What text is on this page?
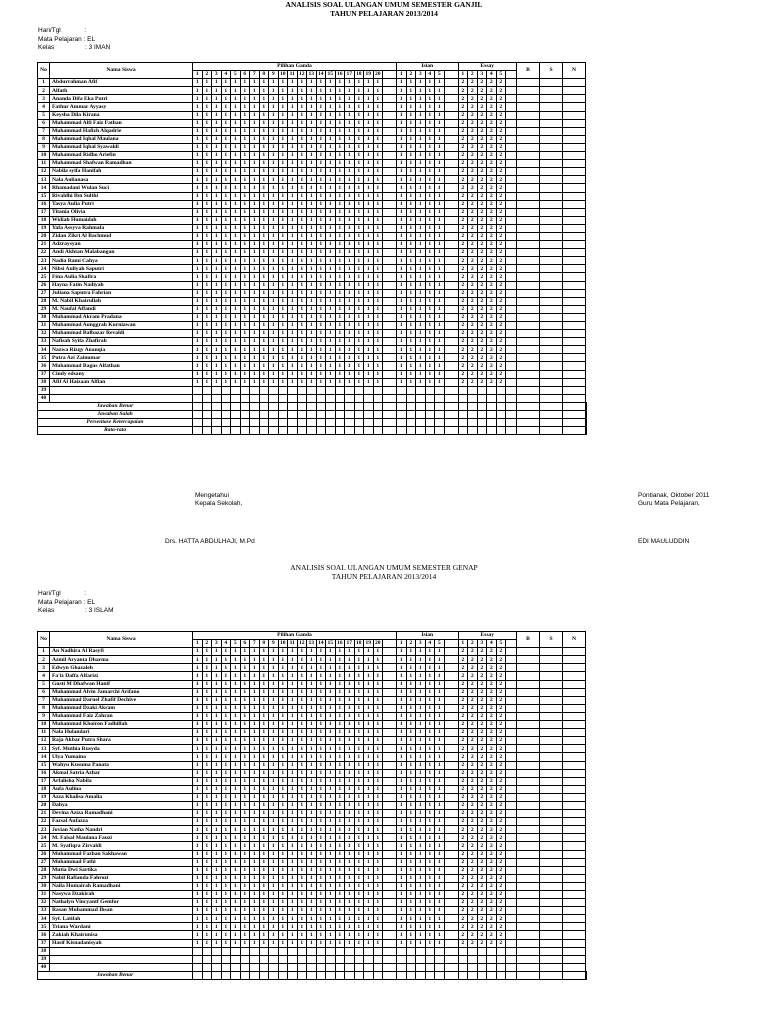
ANALISIS SOAL ULANGAN UMUM SEMESTER GANJIL
TAHUN PELAJARAN 2013/2014
Hari/Tgl             :
Mata Pelajaran : EL
Kelas                 : 3 IMAN
No	Nama Siswa	Pilihan Ganda																					Isian						Essay						B	S	N	
		1	2	3	4	5	6	7	8	9	10	11	12	13	14	15	16	17	18	19	20		1	2	3	4	5		1	2	3	4	5					
1	Abdurrahman Afif	1	1	1	1	1	1	1	1	1	1	1	1	1	1	1	1	1	1	1	1		1	1	1	1	1		2	2	2	2	2					
2	Alfath	1	1	1	1	1	1	1	1	1	1	1	1	1	1	1	1	1	1	1	1		1	1	1	1	1		2	2	2	2	2					
3	Ananda Difa Eka Putri	1	1	1	1	1	1	1	1	1	1	1	1	1	1	1	1	1	1	1	1		1	1	1	1	1		2	2	2	2	2					
4	Fathur Ammar Ayyasy	1	1	1	1	1	1	1	1	1	1	1	1	1	1	1	1	1	1	1	1		1	1	1	1	1		2	2	2	2	2					
5	Keysha Dila Kirana	1	1	1	1	1	1	1	1	1	1	1	1	1	1	1	1	1	1	1	1		1	1	1	1	1		2	2	2	2	2					
6	Muhammad Alfi Faiz Fathan	1	1	1	1	1	1	1	1	1	1	1	1	1	1	1	1	1	1	1	1		1	1	1	1	1		2	2	2	2	2					
7	Muhammad Hafizh Alqadrie	1	1	1	1	1	1	1	1	1	1	1	1	1	1	1	1	1	1	1	1		1	1	1	1	1		2	2	2	2	2					
8	Muhammad Iqbal Maulana	1	1	1	1	1	1	1	1	1	1	1	1	1	1	1	1	1	1	1	1		1	1	1	1	1		2	2	2	2	2					
9	Muhammad Iqbal Syawaldi	1	1	1	1	1	1	1	1	1	1	1	1	1	1	1	1	1	1	1	1		1	1	1	1	1		2	2	2	2	2					
10	Muhammad Ridho Ariefin	1	1	1	1	1	1	1	1	1	1	1	1	1	1	1	1	1	1	1	1		1	1	1	1	1		2	2	2	2	2					
11	Muhammad Shafwan Ramadhan	1	1	1	1	1	1	1	1	1	1	1	1	1	1	1	1	1	1	1	1		1	1	1	1	1		2	2	2	2	2					
12	Nabila syifa Hanifah	1	1	1	1	1	1	1	1	1	1	1	1	1	1	1	1	1	1	1	1		1	1	1	1	1		2	2	2	2	2					
13	Nala Aulianasa	1	1	1	1	1	1	1	1	1	1	1	1	1	1	1	1	1	1	1	1		1	1	1	1	1		2	2	2	2	2					
14	Rhamadani Wulan Suci	1	1	1	1	1	1	1	1	1	1	1	1	1	1	1	1	1	1	1	1		1	1	1	1	1		2	2	2	2	2					
15	Rivaldhi Ibn Sulthi	1	1	1	1	1	1	1	1	1	1	1	1	1	1	1	1	1	1	1	1		1	1	1	1	1		2	2	2	2	2					
16	Tasya Aulia Putri	1	1	1	1	1	1	1	1	1	1	1	1	1	1	1	1	1	1	1	1		1	1	1	1	1		2	2	2	2	2					
17	Titania Olivia	1	1	1	1	1	1	1	1	1	1	1	1	1	1	1	1	1	1	1	1		1	1	1	1	1		2	2	2	2	2					
18	Widiah Humaidah	1	1	1	1	1	1	1	1	1	1	1	1	1	1	1	1	1	1	1	1		1	1	1	1	1		2	2	2	2	2					
19	Yafa Assyva Rahmafa	1	1	1	1	1	1	1	1	1	1	1	1	1	1	1	1	1	1	1	1		1	1	1	1	1		2	2	2	2	2					
20	Zidan Zikri Al Bachmud	1	1	1	1	1	1	1	1	1	1	1	1	1	1	1	1	1	1	1	1		1	1	1	1	1		2	2	2	2	2					
21	Adzraysyan	1	1	1	1	1	1	1	1	1	1	1	1	1	1	1	1	1	1	1	1		1	1	1	1	1		2	2	2	2	2					
22	Andi Akhtan Malabangan	1	1	1	1	1	1	1	1	1	1	1	1	1	1	1	1	1	1	1	1		1	1	1	1	1		2	2	2	2	2					
23	Nadia Rami Cahya	1	1	1	1	1	1	1	1	1	1	1	1	1	1	1	1	1	1	1	1		1	1	1	1	1		2	2	2	2	2					
24	Nibsi Auliyah Saputri	1	1	1	1	1	1	1	1	1	1	1	1	1	1	1	1	1	1	1	1		1	1	1	1	1		2	2	2	2	2					
25	Fina Aulia Shafira	1	1	1	1	1	1	1	1	1	1	1	1	1	1	1	1	1	1	1	1		1	1	1	1	1		2	2	2	2	2					
26	Hayna Fatin Nadiyah	1	1	1	1	1	1	1	1	1	1	1	1	1	1	1	1	1	1	1	1		1	1	1	1	1		2	2	2	2	2					
27	Juliana Saputra Fahrian	1	1	1	1	1	1	1	1	1	1	1	1	1	1	1	1	1	1	1	1		1	1	1	1	1		2	2	2	2	2					
28	M. Nabil Khairullah	1	1	1	1	1	1	1	1	1	1	1	1	1	1	1	1	1	1	1	1		1	1	1	1	1		2	2	2	2	2					
29	M. Naufal Affandi	1	1	1	1	1	1	1	1	1	1	1	1	1	1	1	1	1	1	1	1		1	1	1	1	1		2	2	2	2	2					
30	Muhammad Akram Pradana	1	1	1	1	1	1	1	1	1	1	1	1	1	1	1	1	1	1	1	1		1	1	1	1	1		2	2	2	2	2					
31	Muhammad Aunggrah Kurniawan	1	1	1	1	1	1	1	1	1	1	1	1	1	1	1	1	1	1	1	1		1	1	1	1	1		2	2	2	2	2					
32	Muhammad Balbazar Revaldi	1	1	1	1	1	1	1	1	1	1	1	1	1	1	1	1	1	1	1	1		1	1	1	1	1		2	2	2	2	2					
33	Nafisah Syifa Zhafirah	1	1	1	1	1	1	1	1	1	1	1	1	1	1	1	1	1	1	1	1		1	1	1	1	1		2	2	2	2	2					
34	Nazwa Rizqy Ananqia	1	1	1	1	1	1	1	1	1	1	1	1	1	1	1	1	1	1	1	1		1	1	1	1	1		2	2	2	2	2					
35	Putra Azi Zainumar	1	1	1	1	1	1	1	1	1	1	1	1	1	1	1	1	1	1	1	1		1	1	1	1	1		2	2	2	2	2					
36	Muhammad Bagus Alfathan	1	1	1	1	1	1	1	1	1	1	1	1	1	1	1	1	1	1	1	1		1	1	1	1	1		2	2	2	2	2					
37	Cindy edsany	1	1	1	1	1	1	1	1	1	1	1	1	1	1	1	1	1	1	1	1		1	1	1	1	1		2	2	2	2	2					
38	Afif Al Haizaan Alfian	1	1	1	1	1	1	1	1	1	1	1	1	1	1	1	1	1	1	1	1		1	1	1	1	1		2	2	2	2	2					
39																																						
40																																						
Jawaban Benar																																						
Jawaban Salah																																						
Persentase Ketercapaian																																						
Rata-rata																																						
Mengetahui
Kepala Sekolah,
Pontianak, Oktober 2011
Guru Mata Pelajaran,
Drs. HATTA ABDULHAJI, M.Pd	EDI MAULUDDIN
ANALISIS SOAL ULANGAN UMUM SEMESTER GENAP
TAHUN PELAJARAN 2013/2014
Hari/Tgl             :
Mata Pelajaran : EL
Kelas                 : 3 ISLAM
No	Nama Siswa	Pilihan Ganda																					Isian						Essay						B	S	N	
		1	2	3	4	5	6	7	8	9	10	11	12	13	14	15	16	17	18	19	20		1	2	3	4	5		1	2	3	4	5					
1	An Nadhira Al Rasyfi	1	1	1	1	1	1	1	1	1	1	1	1	1	1	1	1	1	1	1	1		1	1	1	1	1		2	2	2	2	2					
2	Azmil Aryanta Dharma	1	1	1	1	1	1	1	1	1	1	1	1	1	1	1	1	1	1	1	1		1	1	1	1	1		2	2	2	2	2					
3	Edwyn Ghazaleh	1	1	1	1	1	1	1	1	1	1	1	1	1	1	1	1	1	1	1	1		1	1	1	1	1		2	2	2	2	2					
4	Fa'iz Daffa Alfarizi	1	1	1	1	1	1	1	1	1	1	1	1	1	1	1	1	1	1	1	1		1	1	1	1	1		2	2	2	2	2					
5	Gusti M Dhafwan Hanif	1	1	1	1	1	1	1	1	1	1	1	1	1	1	1	1	1	1	1	1		1	1	1	1	1		2	2	2	2	2					
6	Muhammad Alvin Jamarchi Arifano	1	1	1	1	1	1	1	1	1	1	1	1	1	1	1	1	1	1	1	1		1	1	1	1	1		2	2	2	2	2					
7	Muhammad Daruel Zhafif Dechive	1	1	1	1	1	1	1	1	1	1	1	1	1	1	1	1	1	1	1	1		1	1	1	1	1		2	2	2	2	2					
8	Muhammad Dzaki Akram	1	1	1	1	1	1	1	1	1	1	1	1	1	1	1	1	1	1	1	1		1	1	1	1	1		2	2	2	2	2					
9	Muhammad Faiz Zahran	1	1	1	1	1	1	1	1	1	1	1	1	1	1	1	1	1	1	1	1		1	1	1	1	1		2	2	2	2	2					
10	Muhammad Khoiron Fadhillah	1	1	1	1	1	1	1	1	1	1	1	1	1	1	1	1	1	1	1	1		1	1	1	1	1		2	2	2	2	2					
11	Nala Hulandari	1	1	1	1	1	1	1	1	1	1	1	1	1	1	1	1	1	1	1	1		1	1	1	1	1		2	2	2	2	2					
12	Raja Akbar Putra Shara	1	1	1	1	1	1	1	1	1	1	1	1	1	1	1	1	1	1	1	1		1	1	1	1	1		2	2	2	2	2					
13	Syf. Muthia Rusyda	1	1	1	1	1	1	1	1	1	1	1	1	1	1	1	1	1	1	1	1		1	1	1	1	1		2	2	2	2	2					
14	Ulya Yumaina	1	1	1	1	1	1	1	1	1	1	1	1	1	1	1	1	1	1	1	1		1	1	1	1	1		2	2	2	2	2					
15	Wahyu Kusuma Panata	1	1	1	1	1	1	1	1	1	1	1	1	1	1	1	1	1	1	1	1		1	1	1	1	1		2	2	2	2	2					
16	Akmal Satria Azhar	1	1	1	1	1	1	1	1	1	1	1	1	1	1	1	1	1	1	1	1		1	1	1	1	1		2	2	2	2	2					
17	Arfalisha Nabila	1	1	1	1	1	1	1	1	1	1	1	1	1	1	1	1	1	1	1	1		1	1	1	1	1		2	2	2	2	2					
18	Aufa Aulina	1	1	1	1	1	1	1	1	1	1	1	1	1	1	1	1	1	1	1	1		1	1	1	1	1		2	2	2	2	2					
19	Azza Khalisa Amalia	1	1	1	1	1	1	1	1	1	1	1	1	1	1	1	1	1	1	1	1		1	1	1	1	1		2	2	2	2	2					
20	Dahya	1	1	1	1	1	1	1	1	1	1	1	1	1	1	1	1	1	1	1	1		1	1	1	1	1		2	2	2	2	2					
21	Devina Aziza Ramadhani	1	1	1	1	1	1	1	1	1	1	1	1	1	1	1	1	1	1	1	1		1	1	1	1	1		2	2	2	2	2					
22	Fazsal Aufazza	1	1	1	1	1	1	1	1	1	1	1	1	1	1	1	1	1	1	1	1		1	1	1	1	1		2	2	2	2	2					
23	Jovian Natha Nandri	1	1	1	1	1	1	1	1	1	1	1	1	1	1	1	1	1	1	1	1		1	1	1	1	1		2	2	2	2	2					
24	M. Faisal Maulana Fauzi	1	1	1	1	1	1	1	1	1	1	1	1	1	1	1	1	1	1	1	1		1	1	1	1	1		2	2	2	2	2					
25	M. Syafiqra Zirvaldi	1	1	1	1	1	1	1	1	1	1	1	1	1	1	1	1	1	1	1	1		1	1	1	1	1		2	2	2	2	2					
26	Muhammad Fazhan Sakhawan	1	1	1	1	1	1	1	1	1	1	1	1	1	1	1	1	1	1	1	1		1	1	1	1	1		2	2	2	2	2					
27	Muhammad Fathi	1	1	1	1	1	1	1	1	1	1	1	1	1	1	1	1	1	1	1	1		1	1	1	1	1		2	2	2	2	2					
28	Mutia Dwi Sartika	1	1	1	1	1	1	1	1	1	1	1	1	1	1	1	1	1	1	1	1		1	1	1	1	1		2	2	2	2	2					
29	Nabil Rafianda Fahrozi	1	1	1	1	1	1	1	1	1	1	1	1	1	1	1	1	1	1	1	1		1	1	1	1	1		2	2	2	2	2					
30	Naila Humairah Ramadhani	1	1	1	1	1	1	1	1	1	1	1	1	1	1	1	1	1	1	1	1		1	1	1	1	1		2	2	2	2	2					
31	Nasywa Dzakirah	1	1	1	1	1	1	1	1	1	1	1	1	1	1	1	1	1	1	1	1		1	1	1	1	1		2	2	2	2	2					
32	Nathalyn Vincyantf Gemfur	1	1	1	1	1	1	1	1	1	1	1	1	1	1	1	1	1	1	1	1		1	1	1	1	1		2	2	2	2	2					
33	Rasan Muhammad Ihsan	1	1	1	1	1	1	1	1	1	1	1	1	1	1	1	1	1	1	1	1		1	1	1	1	1		2	2	2	2	2					
34	Syf. Latifah	1	1	1	1	1	1	1	1	1	1	1	1	1	1	1	1	1	1	1	1		1	1	1	1	1		2	2	2	2	2					
35	Triana Wardani	1	1	1	1	1	1	1	1	1	1	1	1	1	1	1	1	1	1	1	1		1	1	1	1	1		2	2	2	2	2					
36	Zakiah Khairunisa	1	1	1	1	1	1	1	1	1	1	1	1	1	1	1	1	1	1	1	1		1	1	1	1	1		2	2	2	2	2					
37	Hasif Kisnadanisyah	1	1	1	1	1	1	1	1	1	1	1	1	1	1	1	1	1	1	1	1		1	1	1	1	1		2	2	2	2	2					
38																																						
39																																						
40																																						
Jawaban Benar																																						
